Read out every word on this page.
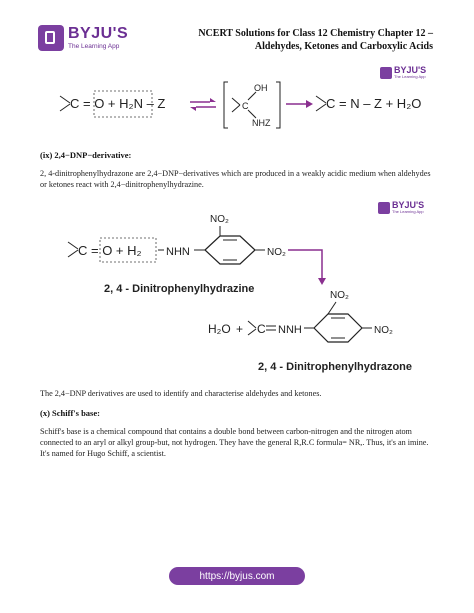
BYJU'S
The Learning App
NCERT Solutions for Class 12 Chemistry Chapter 12 –
Aldehydes, Ketones and Carboxylic Acids
BYJU'S
The Learning App
C = O + H₂N – Z	C
OH
NHZ
C = N – Z + H₂O
(ix) 2,4−DNP−derivative:
2, 4-dinitrophenylhydrazone are 2,4−DNP−derivatives which are produced in a weakly acidic medium when aldehydes
or ketones react with 2,4−dinitrophenylhydrazine.
BYJU'S
The Learning App
C = O + H₂ NHN
NO₂
NO₂
2, 4 - Dinitrophenylhydrazine
H₂O + C NNH
NO₂
NO₂
2, 4 - Dinitrophenylhydrazone
The 2,4−DNP derivatives are used to identify and characterise aldehydes and ketones.
(x) Schiff's base:
Schiff's base is a chemical compound that contains a double bond between carbon-nitrogen and the nitrogen atom
connected to an aryl or alkyl group-but, not hydrogen. They have the general R,R.C formula= NR,. Thus, it's an imine.
It's named for Hugo Schiff, a scientist.
https://byjus.com
